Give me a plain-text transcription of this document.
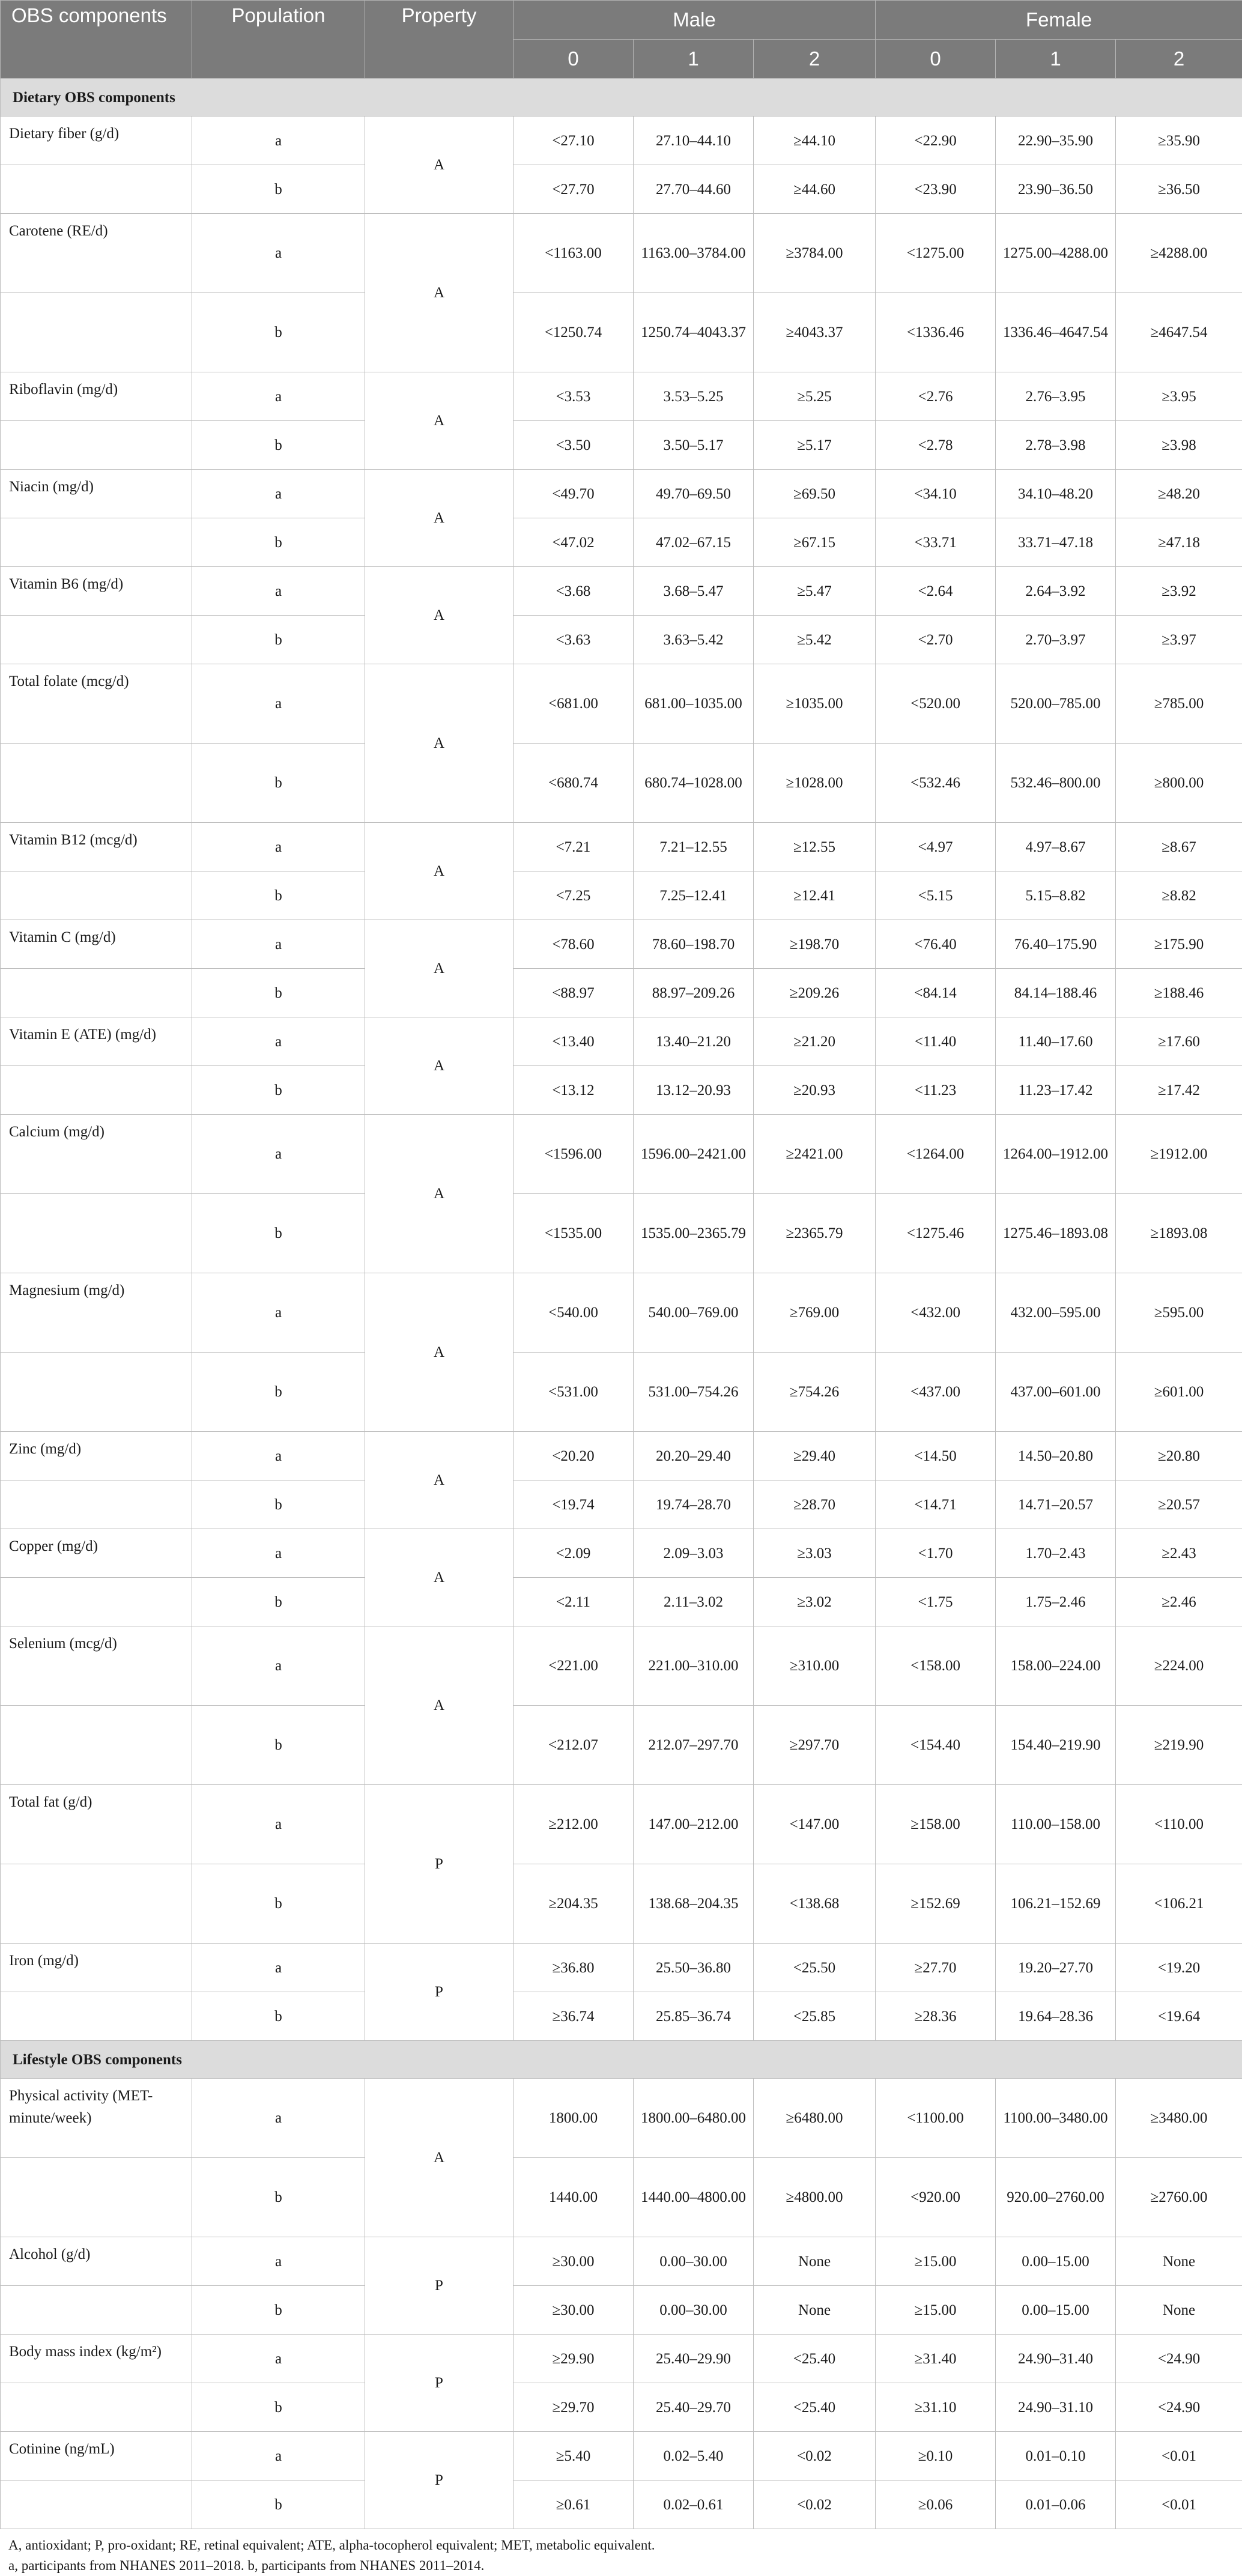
OBS components	Population	Property	Male			Female		
			0	1	2	0	1	2
Dietary OBS components								
Dietary fiber (g/d)	a	A	<27.10	27.10–44.10	≥44.10	<22.90	22.90–35.90	≥35.90
	b		<27.70	27.70–44.60	≥44.60	<23.90	23.90–36.50	≥36.50
Carotene (RE/d)	a	A	<1163.00	1163.00–3784.00	≥3784.00	<1275.00	1275.00–4288.00	≥4288.00
	b		<1250.74	1250.74–4043.37	≥4043.37	<1336.46	1336.46–4647.54	≥4647.54
Riboflavin (mg/d)	a	A	<3.53	3.53–5.25	≥5.25	<2.76	2.76–3.95	≥3.95
	b		<3.50	3.50–5.17	≥5.17	<2.78	2.78–3.98	≥3.98
Niacin (mg/d)	a	A	<49.70	49.70–69.50	≥69.50	<34.10	34.10–48.20	≥48.20
	b		<47.02	47.02–67.15	≥67.15	<33.71	33.71–47.18	≥47.18
Vitamin B6 (mg/d)	a	A	<3.68	3.68–5.47	≥5.47	<2.64	2.64–3.92	≥3.92
	b		<3.63	3.63–5.42	≥5.42	<2.70	2.70–3.97	≥3.97
Total folate (mcg/d)	a	A	<681.00	681.00–1035.00	≥1035.00	<520.00	520.00–785.00	≥785.00
	b		<680.74	680.74–1028.00	≥1028.00	<532.46	532.46–800.00	≥800.00
Vitamin B12 (mcg/d)	a	A	<7.21	7.21–12.55	≥12.55	<4.97	4.97–8.67	≥8.67
	b		<7.25	7.25–12.41	≥12.41	<5.15	5.15–8.82	≥8.82
Vitamin C (mg/d)	a	A	<78.60	78.60–198.70	≥198.70	<76.40	76.40–175.90	≥175.90
	b		<88.97	88.97–209.26	≥209.26	<84.14	84.14–188.46	≥188.46
Vitamin E (ATE) (mg/d)	a	A	<13.40	13.40–21.20	≥21.20	<11.40	11.40–17.60	≥17.60
	b		<13.12	13.12–20.93	≥20.93	<11.23	11.23–17.42	≥17.42
Calcium (mg/d)	a	A	<1596.00	1596.00–2421.00	≥2421.00	<1264.00	1264.00–1912.00	≥1912.00
	b		<1535.00	1535.00–2365.79	≥2365.79	<1275.46	1275.46–1893.08	≥1893.08
Magnesium (mg/d)	a	A	<540.00	540.00–769.00	≥769.00	<432.00	432.00–595.00	≥595.00
	b		<531.00	531.00–754.26	≥754.26	<437.00	437.00–601.00	≥601.00
Zinc (mg/d)	a	A	<20.20	20.20–29.40	≥29.40	<14.50	14.50–20.80	≥20.80
	b		<19.74	19.74–28.70	≥28.70	<14.71	14.71–20.57	≥20.57
Copper (mg/d)	a	A	<2.09	2.09–3.03	≥3.03	<1.70	1.70–2.43	≥2.43
	b		<2.11	2.11–3.02	≥3.02	<1.75	1.75–2.46	≥2.46
Selenium (mcg/d)	a	A	<221.00	221.00–310.00	≥310.00	<158.00	158.00–224.00	≥224.00
	b		<212.07	212.07–297.70	≥297.70	<154.40	154.40–219.90	≥219.90
Total fat (g/d)	a	P	≥212.00	147.00–212.00	<147.00	≥158.00	110.00–158.00	<110.00
	b		≥204.35	138.68–204.35	<138.68	≥152.69	106.21–152.69	<106.21
Iron (mg/d)	a	P	≥36.80	25.50–36.80	<25.50	≥27.70	19.20–27.70	<19.20
	b		≥36.74	25.85–36.74	<25.85	≥28.36	19.64–28.36	<19.64
Lifestyle OBS components								
Physical activity (MET-minute/week)	a	A	1800.00	1800.00–6480.00	≥6480.00	<1100.00	1100.00–3480.00	≥3480.00
	b		1440.00	1440.00–4800.00	≥4800.00	<920.00	920.00–2760.00	≥2760.00
Alcohol (g/d)	a	P	≥30.00	0.00–30.00	None	≥15.00	0.00–15.00	None
	b		≥30.00	0.00–30.00	None	≥15.00	0.00–15.00	None
Body mass index (kg/m²)	a	P	≥29.90	25.40–29.90	<25.40	≥31.40	24.90–31.40	<24.90
	b		≥29.70	25.40–29.70	<25.40	≥31.10	24.90–31.10	<24.90
Cotinine (ng/mL)	a	P	≥5.40	0.02–5.40	<0.02	≥0.10	0.01–0.10	<0.01
	b		≥0.61	0.02–0.61	<0.02	≥0.06	0.01–0.06	<0.01
A, antioxidant; P, pro-oxidant; RE, retinal equivalent; ATE, alpha-tocopherol equivalent; MET, metabolic equivalent.
a, participants from NHANES 2011–2018. b, participants from NHANES 2011–2014.
